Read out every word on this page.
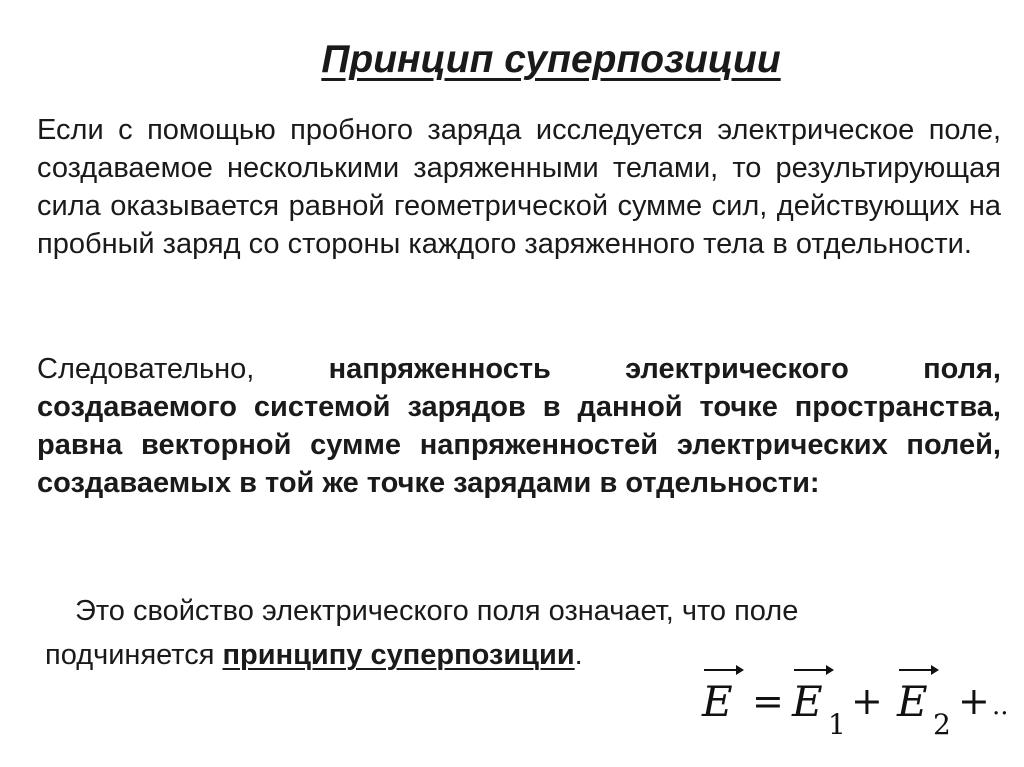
Принцип суперпозиции

Если с помощью пробного заряда исследуется электрическое поле, создаваемое несколькими заряженными телами, то результирующая сила оказывается равной геометрической сумме сил, действующих на пробный заряд со стороны каждого заряженного тела в отдельности.

Следовательно, напряженность электрического поля, создаваемого системой зарядов в данной точке пространства, равна векторной сумме напряженностей электрических полей, создаваемых в той же точке зарядами в отдельности:

Это свойство электрического поля означает, что поле
подчиняется принципу суперпозиции.
E = E 1
+ E 2
+ ..
